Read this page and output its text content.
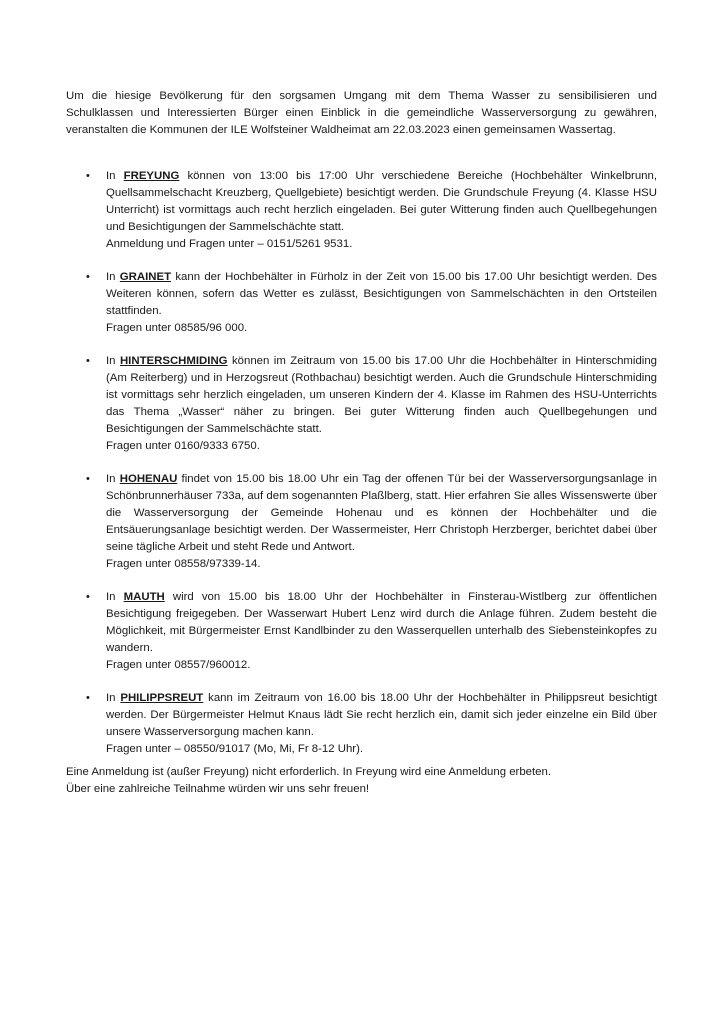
Um die hiesige Bevölkerung für den sorgsamen Umgang mit dem Thema Wasser zu sensibilisieren und Schulklassen und Interessierten Bürger einen Einblick in die gemeindliche Wasserversorgung zu gewähren, veranstalten die Kommunen der ILE Wolfsteiner Waldheimat am 22.03.2023 einen gemeinsamen Wassertag.

• In FREYUNG können von 13:00 bis 17:00 Uhr verschiedene Bereiche (Hochbehälter Winkelbrunn, Quellsammelschacht Kreuzberg, Quellgebiete) besichtigt werden. Die Grundschule Freyung (4. Klasse HSU Unterricht) ist vormittags auch recht herzlich eingeladen. Bei guter Witterung finden auch Quellbegehungen und Besichtigungen der Sammelschächte statt.
Anmeldung und Fragen unter – 0151/5261 9531.
• In GRAINET kann der Hochbehälter in Fürholz in der Zeit von 15.00 bis 17.00 Uhr besichtigt werden. Des Weiteren können, sofern das Wetter es zulässt, Besichtigungen von Sammelschächten in den Ortsteilen stattfinden.
Fragen unter 08585/96 000.
• In HINTERSCHMIDING können im Zeitraum von 15.00 bis 17.00 Uhr die Hochbehälter in Hinterschmiding (Am Reiterberg) und in Herzogsreut (Rothbachau) besichtigt werden. Auch die Grundschule Hinterschmiding ist vormittags sehr herzlich eingeladen, um unseren Kindern der 4. Klasse im Rahmen des HSU-Unterrichts das Thema „Wasser“ näher zu bringen. Bei guter Witterung finden auch Quellbegehungen und Besichtigungen der Sammelschächte statt.
Fragen unter 0160/9333 6750.
• In HOHENAU findet von 15.00 bis 18.00 Uhr ein Tag der offenen Tür bei der Wasserversorgungsanlage in Schönbrunnerhäuser 733a, auf dem sogenannten Plaßlberg, statt. Hier erfahren Sie alles Wissenswerte über die Wasserversorgung der Gemeinde Hohenau und es können der Hochbehälter und die Entsäuerungsanlage besichtigt werden. Der Wassermeister, Herr Christoph Herzberger, berichtet dabei über seine tägliche Arbeit und steht Rede und Antwort.
Fragen unter 08558/97339-14.
• In MAUTH wird von 15.00 bis 18.00 Uhr der Hochbehälter in Finsterau-Wistlberg zur öffentlichen Besichtigung freigegeben. Der Wasserwart Hubert Lenz wird durch die Anlage führen. Zudem besteht die Möglichkeit, mit Bürgermeister Ernst Kandlbinder zu den Wasserquellen unterhalb des Siebensteinkopfes zu wandern.
Fragen unter 08557/960012.
• In PHILIPPSREUT kann im Zeitraum von 16.00 bis 18.00 Uhr der Hochbehälter in Philippsreut besichtigt werden. Der Bürgermeister Helmut Knaus lädt Sie recht herzlich ein, damit sich jeder einzelne ein Bild über unsere Wasserversorgung machen kann.
Fragen unter – 08550/91017 (Mo, Mi, Fr 8-12 Uhr).
Eine Anmeldung ist (außer Freyung) nicht erforderlich. In Freyung wird eine Anmeldung erbeten.
Über eine zahlreiche Teilnahme würden wir uns sehr freuen!
